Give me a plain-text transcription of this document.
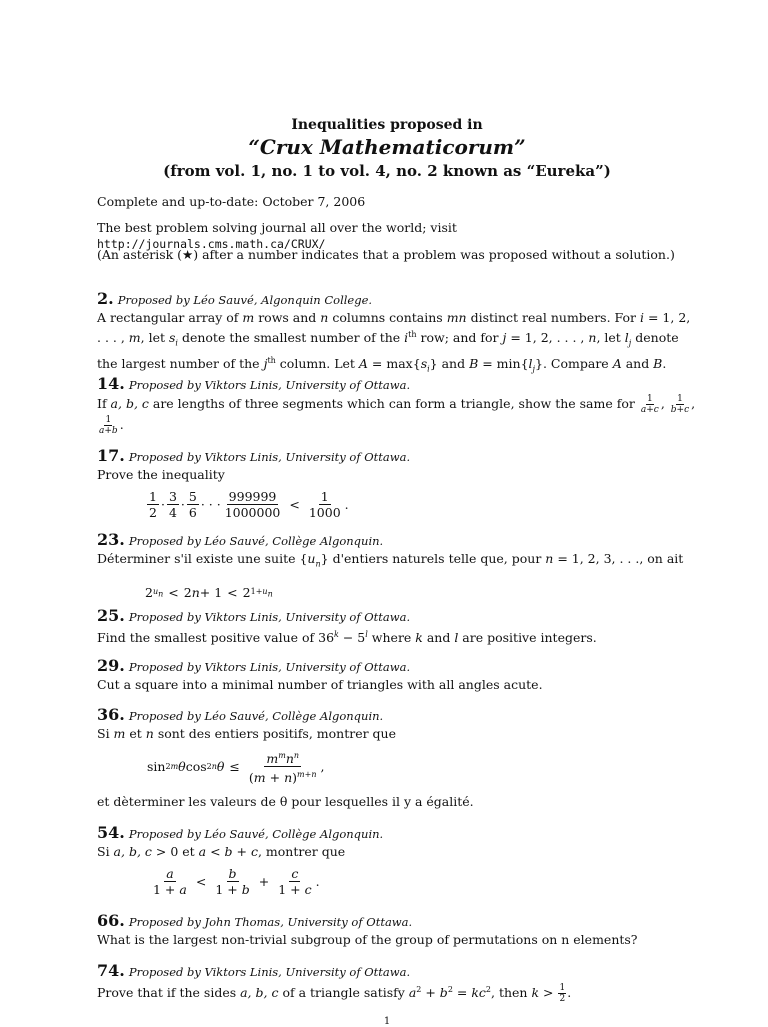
Inequalities proposed in

“Crux Mathematicorum”

(from vol. 1, no. 1 to vol. 4, no. 2 known as “Eureka”)

Complete and up-to-date: October 7, 2006
The best problem solving journal all over the world; visit http://journals.cms.math.ca/CRUX/
(An asterisk (★) after a number indicates that a problem was proposed without a solution.)
2. Proposed by Léo Sauvé, Algonquin College.
A rectangular array of m rows and n columns contains mn distinct real numbers. For i = 1, 2, . . . , m, let $s_i$ denote the smallest number of the $i^{th}$ row; and for j = 1, 2, . . . , n, let $l_j$ denote the largest number of the $j^{th}$ column. Let $A = \max\{s_i\}$ and $B = \min\{l_j\}$. Compare A and B.
14. Proposed by Viktors Linis, University of Ottawa.
If a, b, c are lengths of three segments which can form a triangle, show the same for $\frac{1}{a+c}$ , $\frac{1}{b+c}$ ,
$\frac{1}{a+b}$ .
17. Proposed by Viktors Linis, University of Ottawa.
Prove the inequality
$\frac{1}{2} \cdot \frac{3}{4} \cdot \frac{5}{6}$ · · · $\frac{999999}{1000000} < \frac{1}{1000}$ .
23. Proposed by Léo Sauvé, Collège Algonquin.
Déterminer s'il existe une suite $\{u_n\}$ d'entiers naturels telle que, pour n = 1, 2, 3, . . ., on ait
2 $u_n < 2$ n + 1 < 2 $1+u_n$
25. Proposed by Viktors Linis, University of Ottawa.
Find the smallest positive value of $36^k - 5^l$ where k and l are positive integers.
29. Proposed by Viktors Linis, University of Ottawa.
Cut a square into a minimal number of triangles with all angles acute.
36. Proposed by Léo Sauvé, Collège Algonquin.
Si m et n sont des entiers positifs, montrer que
sin 2m θ cos 2n $\theta \le \frac{m^mn^n}{(m + n)^{m+n}}$ ,
et dèterminer les valeurs de θ pour lesquelles il y a égalité.
54. Proposed by Léo Sauvé, Collège Algonquin.
Si a, b, c > 0 et a < b + c, montrer que
$\frac{a}{1 + a} < \frac{b}{1 + b} + \frac{c}{1 + c}$ .
66. Proposed by John Thomas, University of Ottawa.
What is the largest non-trivial subgroup of the group of permutations on n elements?
74. Proposed by Viktors Linis, University of Ottawa.
Prove that if the sides a, b, c of a triangle satisfy $a^2 + b^2 = kc^2$, then $k > \frac{1}{2}$ .
1
